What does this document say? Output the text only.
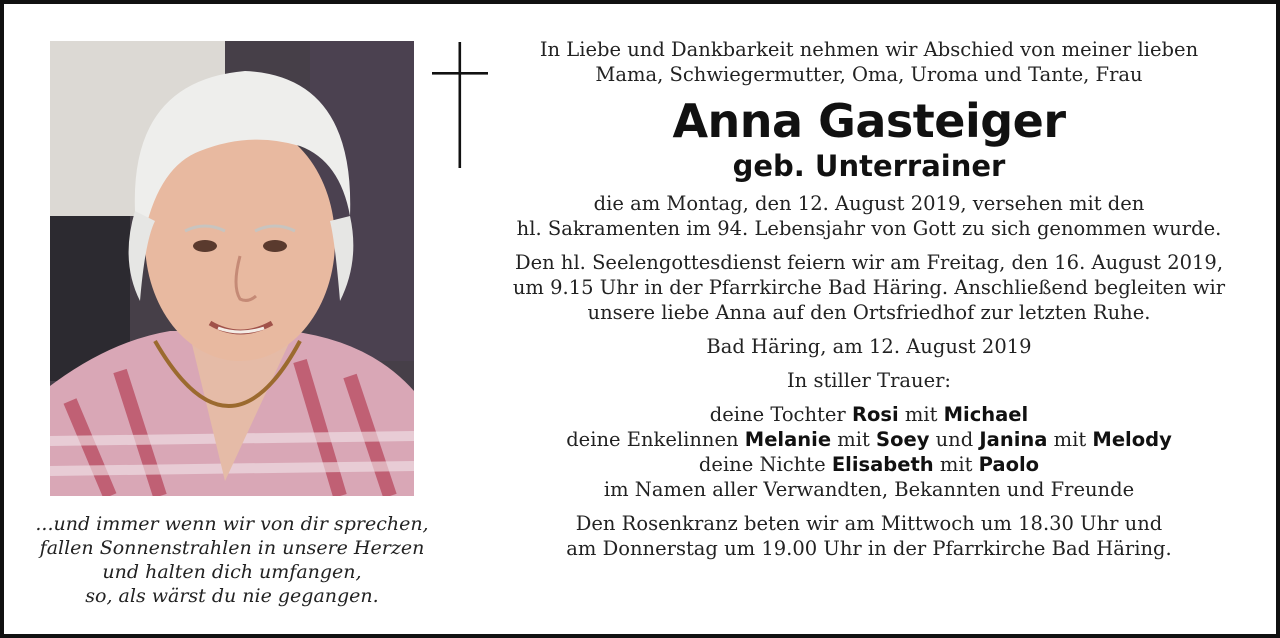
...und immer wenn wir von dir sprechen,
fallen Sonnenstrahlen in unsere Herzen
und halten dich umfangen,
so, als wärst du nie gegangen.
In Liebe und Dankbarkeit nehmen wir Abschied von meiner lieben
Mama, Schwiegermutter, Oma, Uroma und Tante, Frau
Anna Gasteiger
geb. Unterrainer
die am Montag, den 12. August 2019, versehen mit den
hl. Sakramenten im 94. Lebensjahr von Gott zu sich genommen wurde.
Den hl. Seelengottesdienst feiern wir am Freitag, den 16. August 2019,
um 9.15 Uhr in der Pfarrkirche Bad Häring. Anschließend begleiten wir
unsere liebe Anna auf den Ortsfriedhof zur letzten Ruhe.
Bad Häring, am 12. August 2019
In stiller Trauer:
deine Tochter Rosi mit Michael
deine Enkelinnen Melanie mit Soey und Janina mit Melody
deine Nichte Elisabeth mit Paolo
im Namen aller Verwandten, Bekannten und Freunde
Den Rosenkranz beten wir am Mittwoch um 18.30 Uhr und
am Donnerstag um 19.00 Uhr in der Pfarrkirche Bad Häring.
